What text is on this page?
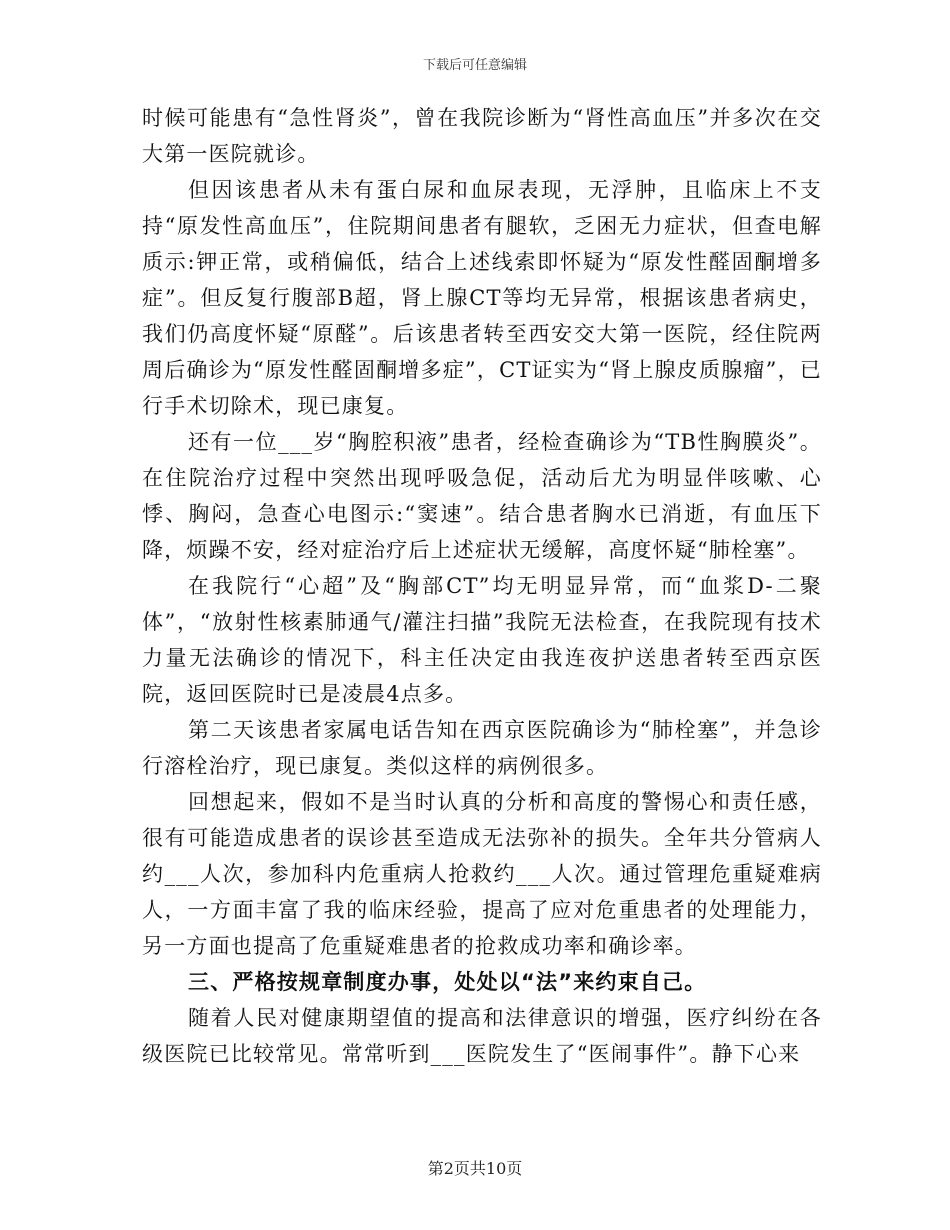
下载后可任意编辑

时候可能患有“急性肾炎”，曾在我院诊断为“肾性高血压”并多次在交大第一医院就诊。

但因该患者从未有蛋白尿和血尿表现，无浮肿，且临床上不支持“原发性高血压”，住院期间患者有腿软，乏困无力症状，但查电解质示:钾正常，或稍偏低，结合上述线索即怀疑为“原发性醛固酮增多症”。但反复行腹部B超，肾上腺CT等均无异常，根据该患者病史，我们仍高度怀疑“原醛”。后该患者转至西安交大第一医院，经住院两周后确诊为“原发性醛固酮增多症”，CT证实为“肾上腺皮质腺瘤”，已行手术切除术，现已康复。

还有一位___岁“胸腔积液”患者，经检查确诊为“TB性胸膜炎”。在住院治疗过程中突然出现呼吸急促，活动后尤为明显伴咳嗽、心悸、胸闷，急查心电图示:“窦速”。结合患者胸水已消逝，有血压下降，烦躁不安，经对症治疗后上述症状无缓解，高度怀疑“肺栓塞”。

在我院行“心超”及“胸部CT”均无明显异常，而“血浆D-二聚体”，“放射性核素肺通气/灌注扫描”我院无法检查，在我院现有技术力量无法确诊的情况下，科主任决定由我连夜护送患者转至西京医院，返回医院时已是凌晨4点多。

第二天该患者家属电话告知在西京医院确诊为“肺栓塞”，并急诊行溶栓治疗，现已康复。类似这样的病例很多。

回想起来，假如不是当时认真的分析和高度的警惕心和责任感，很有可能造成患者的误诊甚至造成无法弥补的损失。全年共分管病人约___人次，参加科内危重病人抢救约___人次。通过管理危重疑难病人，一方面丰富了我的临床经验，提高了应对危重患者的处理能力，另一方面也提高了危重疑难患者的抢救成功率和确诊率。

三、严格按规章制度办事，处处以“法”来约束自己。

随着人民对健康期望值的提高和法律意识的增强，医疗纠纷在各级医院已比较常见。常常听到___医院发生了“医闹事件”。静下心来

第2页共10页
